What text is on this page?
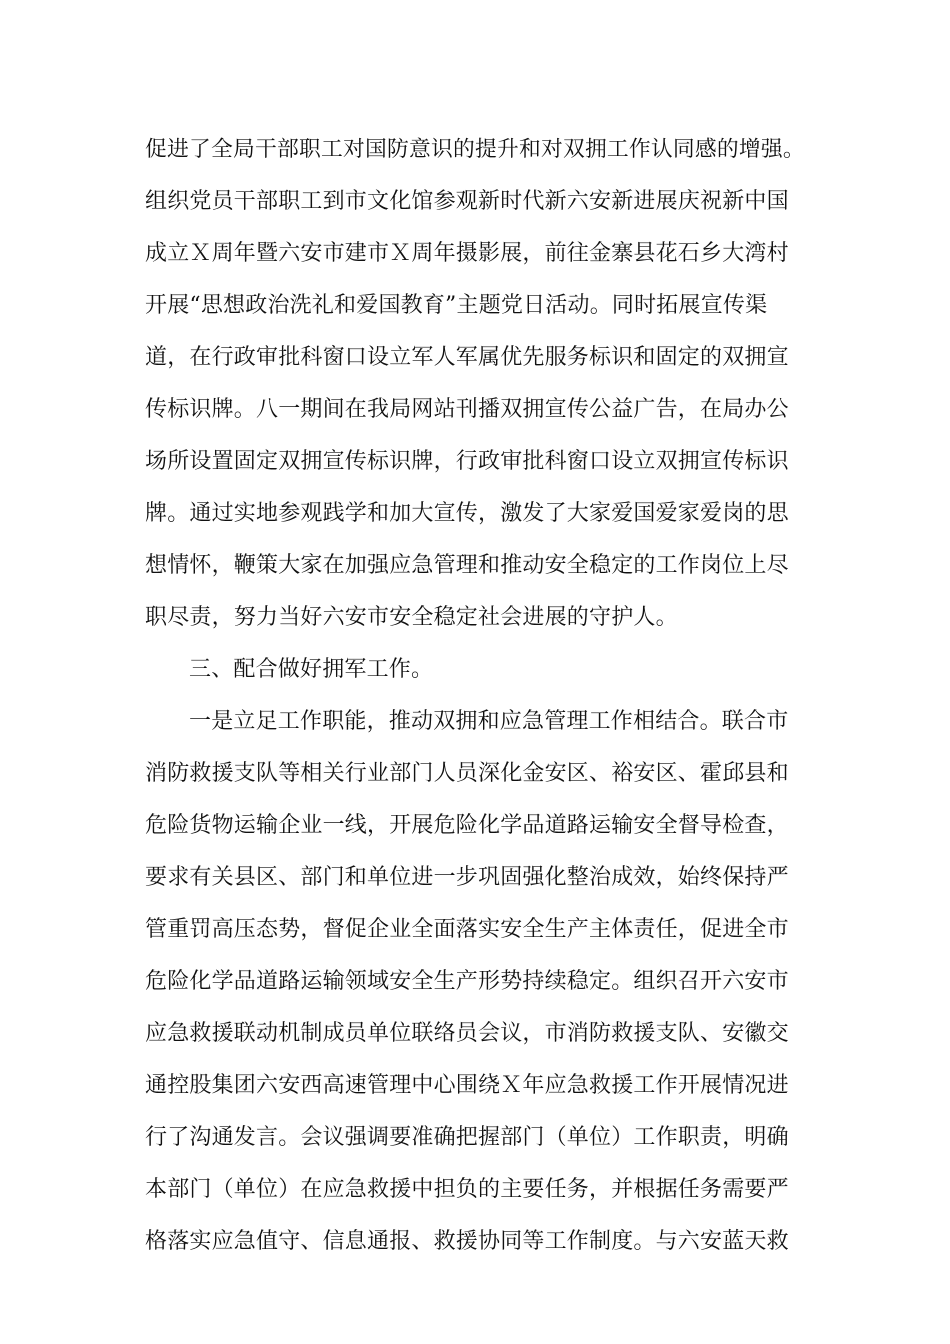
促进了全局干部职工对国防意识的提升和对双拥工作认同感的增强。
组织党员干部职工到市文化馆参观新时代新六安新进展庆祝新中国
成立Ｘ周年暨六安市建市Ｘ周年摄影展，前往金寨县花石乡大湾村
开展“思想政治洗礼和爱国教育”主题党日活动。同时拓展宣传渠
道，在行政审批科窗口设立军人军属优先服务标识和固定的双拥宣
传标识牌。八一期间在我局网站刊播双拥宣传公益广告，在局办公
场所设置固定双拥宣传标识牌，行政审批科窗口设立双拥宣传标识
牌。通过实地参观践学和加大宣传，激发了大家爱国爱家爱岗的思
想情怀，鞭策大家在加强应急管理和推动安全稳定的工作岗位上尽
职尽责，努力当好六安市安全稳定社会进展的守护人。
三、配合做好拥军工作。
一是立足工作职能，推动双拥和应急管理工作相结合。联合市
消防救援支队等相关行业部门人员深化金安区、裕安区、霍邱县和
危险货物运输企业一线，开展危险化学品道路运输安全督导检查，
要求有关县区、部门和单位进一步巩固强化整治成效，始终保持严
管重罚高压态势，督促企业全面落实安全生产主体责任，促进全市
危险化学品道路运输领域安全生产形势持续稳定。组织召开六安市
应急救援联动机制成员单位联络员会议，市消防救援支队、安徽交
通控股集团六安西高速管理中心围绕Ｘ年应急救援工作开展情况进
行了沟通发言。会议强调要准确把握部门（单位）工作职责，明确
本部门（单位）在应急救援中担负的主要任务，并根据任务需要严
格落实应急值守、信息通报、救援协同等工作制度。与六安蓝天救
